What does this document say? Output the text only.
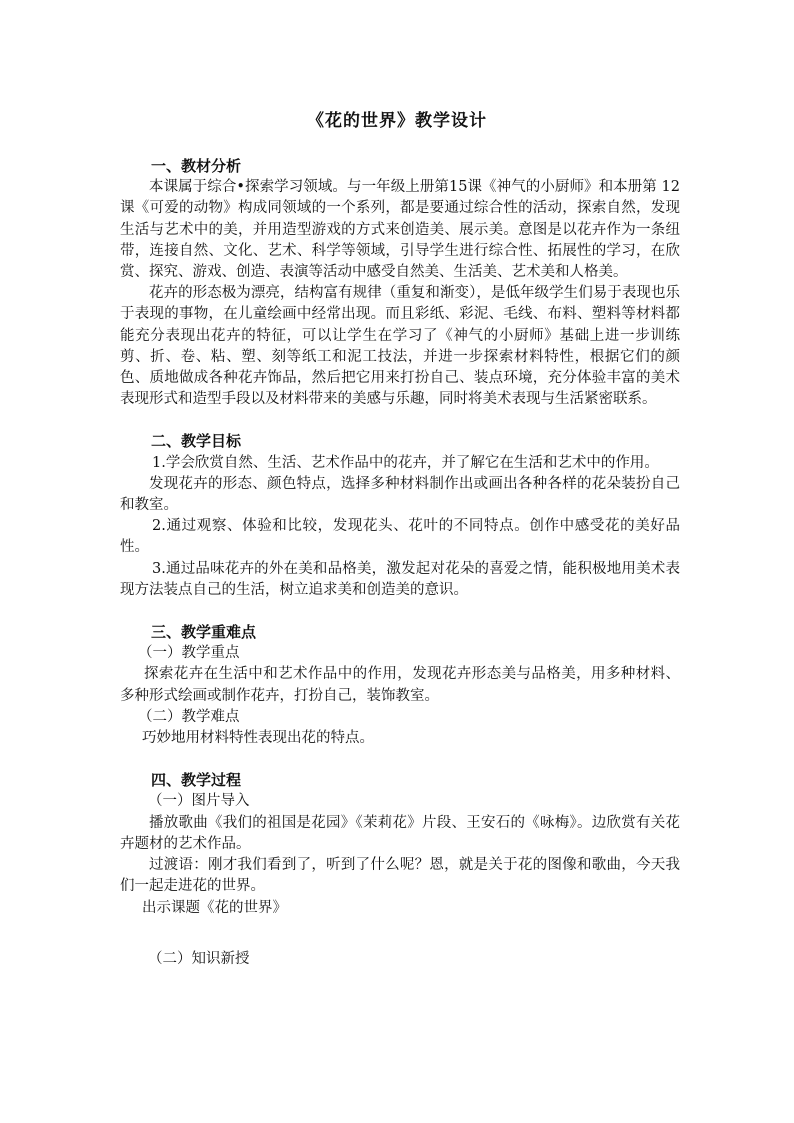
《花的世界》教学设计

一、教材分析

本课属于综合•探索学习领域。与一年级上册第15课《神气的小厨师》和本册第 12 课《可爱的动物》构成同领域的一个系列，都是要通过综合性的活动，探索自然，发现生活与艺术中的美，并用造型游戏的方式来创造美、展示美。意图是以花卉作为一条纽带，连接自然、文化、艺术、科学等领域，引导学生进行综合性、拓展性的学习，在欣赏、探究、游戏、创造、表演等活动中感受自然美、生活美、艺术美和人格美。

花卉的形态极为漂亮，结构富有规律（重复和渐变），是低年级学生们易于表现也乐于表现的事物，在儿童绘画中经常出现。而且彩纸、彩泥、毛线、布料、塑料等材料都能充分表现出花卉的特征，可以让学生在学习了《神气的小厨师》基础上进一步训练剪、折、卷、粘、塑、刻等纸工和泥工技法，并进一步探索材料特性，根据它们的颜色、质地做成各种花卉饰品，然后把它用来打扮自己、装点环境，充分体验丰富的美术表现形式和造型手段以及材料带来的美感与乐趣，同时将美术表现与生活紧密联系。

二、教学目标

1.学会欣赏自然、生活、艺术作品中的花卉，并了解它在生活和艺术中的作用。

发现花卉的形态、颜色特点，选择多种材料制作出或画出各种各样的花朵装扮自己和教室。

2.通过观察、体验和比较，发现花头、花叶的不同特点。创作中感受花的美好品性。

3.通过品味花卉的外在美和品格美，激发起对花朵的喜爱之情，能积极地用美术表现方法装点自己的生活，树立追求美和创造美的意识。

三、教学重难点

（一）教学重点

探索花卉在生活中和艺术作品中的作用，发现花卉形态美与品格美，用多种材料、多种形式绘画或制作花卉，打扮自己，装饰教室。

（二）教学难点

巧妙地用材料特性表现出花的特点。

四、教学过程

（一）图片导入

播放歌曲《我们的祖国是花园》《茉莉花》片段、王安石的《咏梅》。边欣赏有关花卉题材的艺术作品。

过渡语：刚才我们看到了，听到了什么呢？恩，就是关于花的图像和歌曲，今天我们一起走进花的世界。

出示课题《花的世界》

（二）知识新授
